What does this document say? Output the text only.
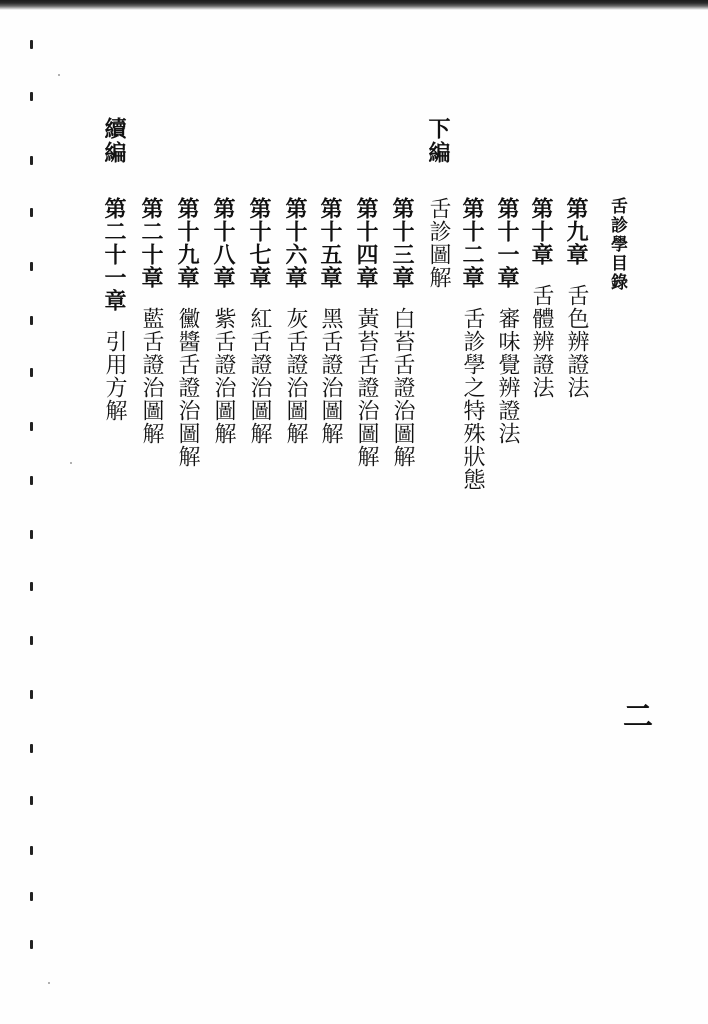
舌診學目錄
二
第九章舌色辨證法
第十章舌體辨證法
第十一章審味覺辨證法
第十二章舌診學之特殊狀態
下編
舌診圖解
第十三章白苔舌證治圖解
第十四章黃苔舌證治圖解
第十五章黑舌證治圖解
第十六章灰舌證治圖解
第十七章紅舌證治圖解
第十八章紫舌證治圖解
第十九章黴醬舌證治圖解
第二十章藍舌證治圖解
續編
第二十一章引用方解
